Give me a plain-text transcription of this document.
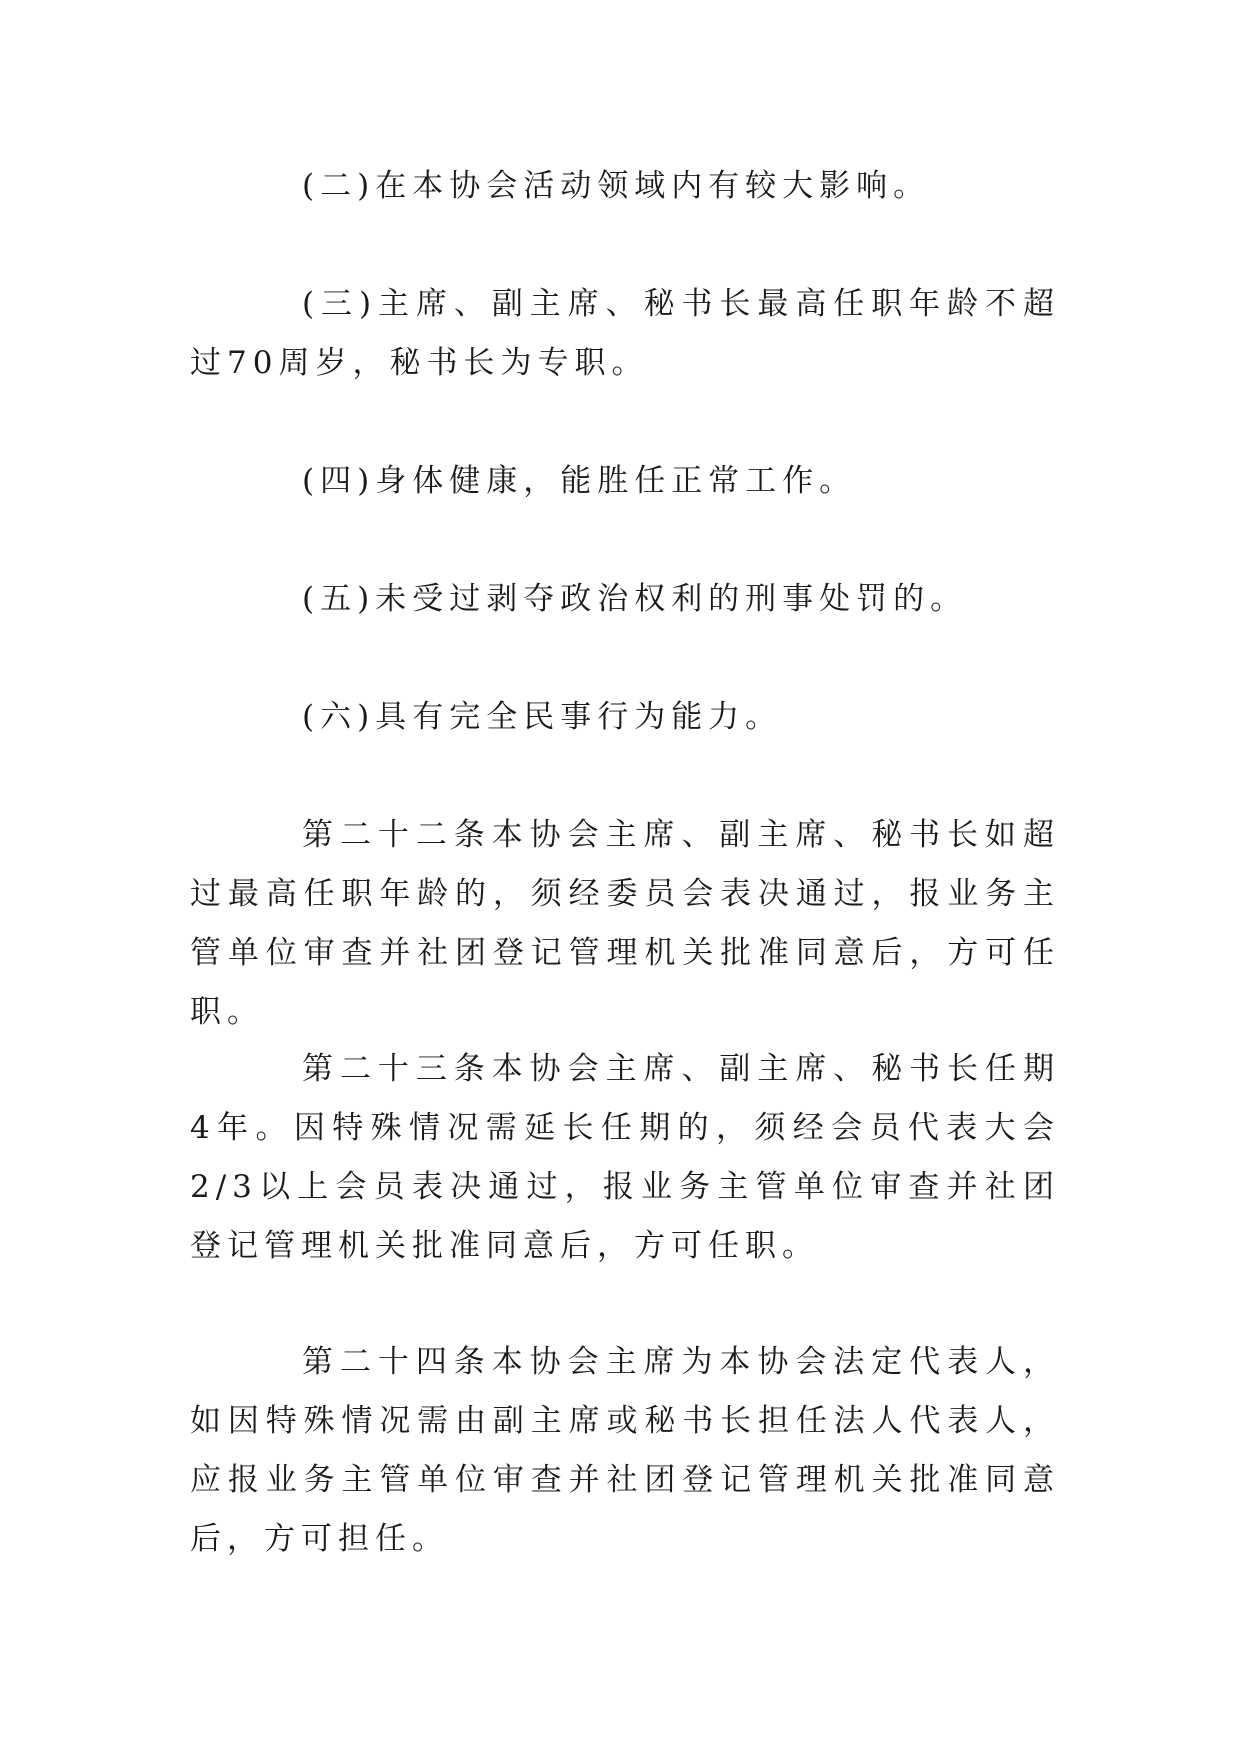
(二)在本协会活动领域内有较大影响。

(三)主席、副主席、秘书长最高任职年龄不超过70周岁，秘书长为专职。

(四)身体健康，能胜任正常工作。

(五)未受过剥夺政治权利的刑事处罚的。

(六)具有完全民事行为能力。

第二十二条本协会主席、副主席、秘书长如超过最高任职年龄的，须经委员会表决通过，报业务主管单位审查并社团登记管理机关批准同意后，方可任职。

第二十三条本协会主席、副主席、秘书长任期4年。因特殊情况需延长任期的，须经会员代表大会2/3以上会员表决通过，报业务主管单位审查并社团登记管理机关批准同意后，方可任职。

第二十四条本协会主席为本协会法定代表人，如因特殊情况需由副主席或秘书长担任法人代表人，应报业务主管单位审查并社团登记管理机关批准同意后，方可担任。
